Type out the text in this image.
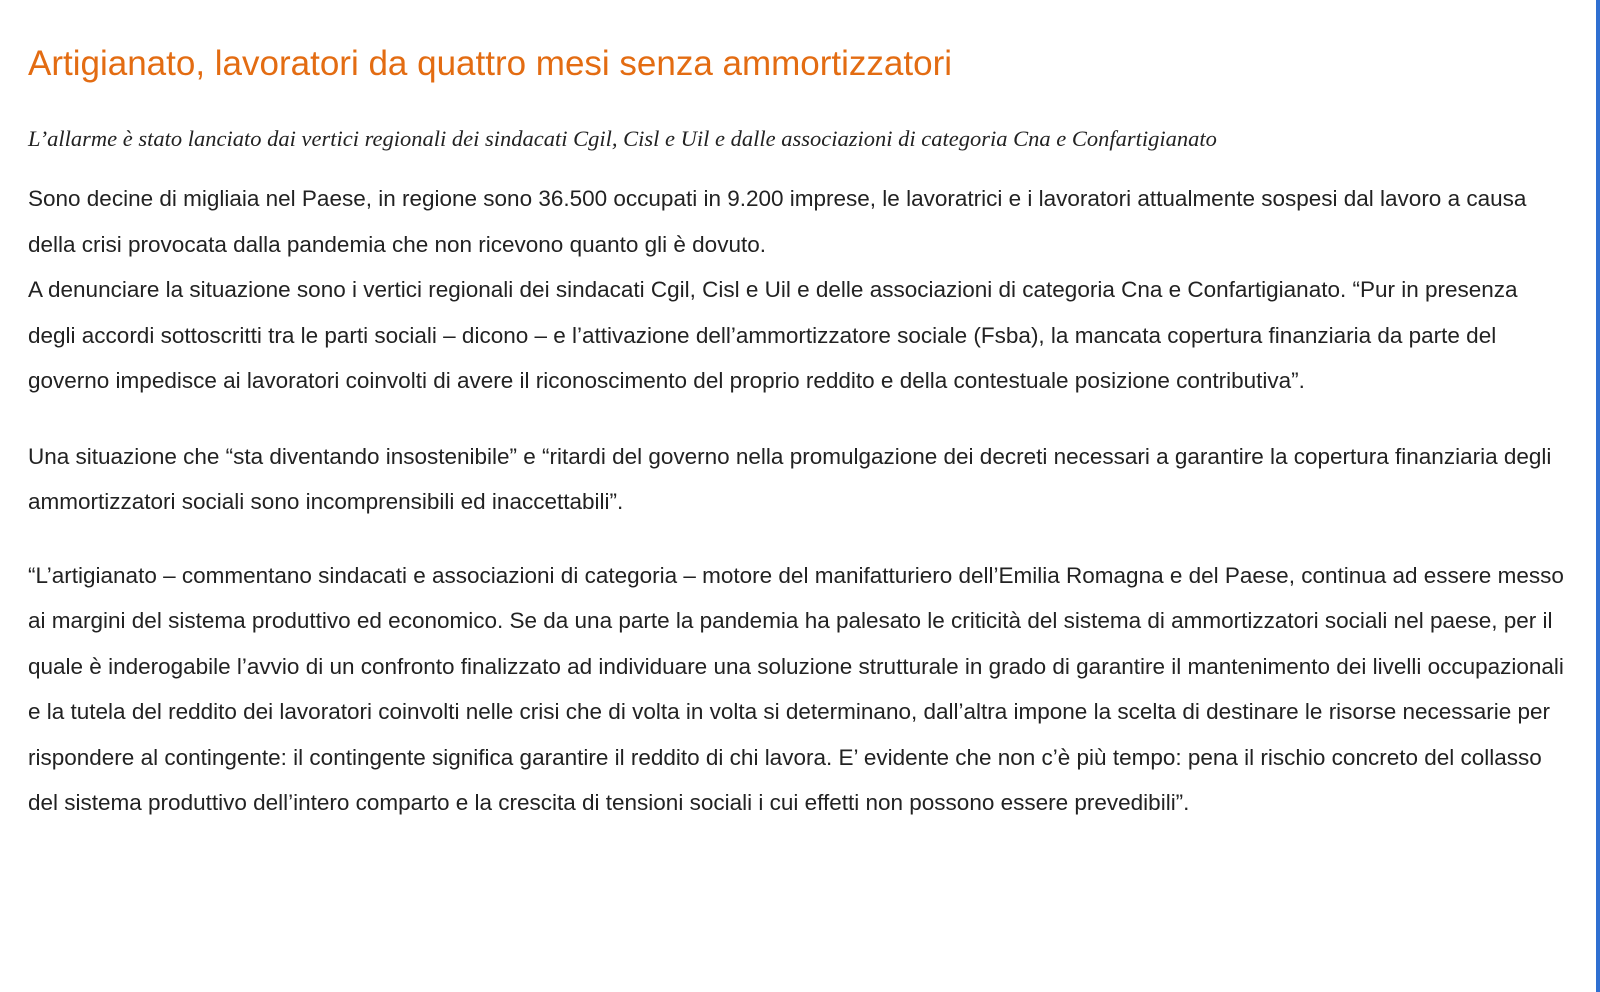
Artigianato, lavoratori da quattro mesi senza ammortizzatori

L’allarme è stato lanciato dai vertici regionali dei sindacati Cgil, Cisl e Uil e dalle associazioni di categoria Cna e Confartigianato

Sono decine di migliaia nel Paese, in regione sono 36.500 occupati in 9.200 imprese, le lavoratrici e i lavoratori attualmente sospesi dal lavoro a causa della crisi provocata dalla pandemia che non ricevono quanto gli è dovuto.

A denunciare la situazione sono i vertici regionali dei sindacati Cgil, Cisl e Uil e delle associazioni di categoria Cna e Confartigianato. “Pur in presenza degli accordi sottoscritti tra le parti sociali – dicono – e l’attivazione dell’ammortizzatore sociale (Fsba), la mancata copertura finanziaria da parte del governo impedisce ai lavoratori coinvolti di avere il riconoscimento del proprio reddito e della contestuale posizione contributiva”.

Una situazione che “sta diventando insostenibile” e “ritardi del governo nella promulgazione dei decreti necessari a garantire la copertura finanziaria degli ammortizzatori sociali sono incomprensibili ed inaccettabili”.

“L’artigianato – commentano sindacati e associazioni di categoria – motore del manifatturiero dell’Emilia Romagna e del Paese, continua ad essere messo ai margini del sistema produttivo ed economico. Se da una parte la pandemia ha palesato le criticità del sistema di ammortizzatori sociali nel paese, per il quale è inderogabile l’avvio di un confronto finalizzato ad individuare una soluzione strutturale in grado di garantire il mantenimento dei livelli occupazionali e la tutela del reddito dei lavoratori coinvolti nelle crisi che di volta in volta si determinano, dall’altra impone la scelta di destinare le risorse necessarie per rispondere al contingente: il contingente significa garantire il reddito di chi lavora. E’ evidente che non c’è più tempo: pena il rischio concreto del collasso del sistema produttivo dell’intero comparto e la crescita di tensioni sociali i cui effetti non possono essere prevedibili”.
